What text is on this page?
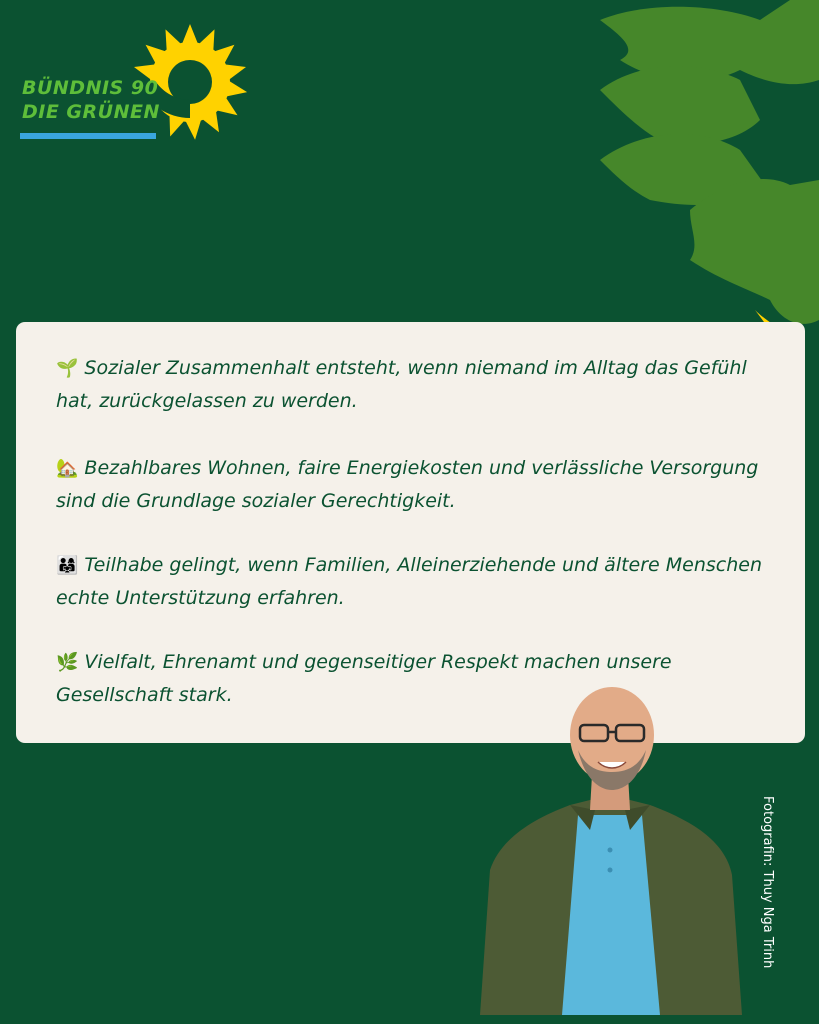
BÜNDNIS 90
DIE GRÜNEN

🌱 Sozialer Zusammenhalt entsteht, wenn niemand im Alltag das Gefühl hat, zurückgelassen zu werden.

🏡 Bezahlbares Wohnen, faire Energiekosten und verlässliche Versorgung sind die Grundlage sozialer Gerechtigkeit.

👨‍👩‍👧 Teilhabe gelingt, wenn Familien, Alleinerziehende und ältere Menschen echte Unterstützung erfahren.

🌿 Vielfalt, Ehrenamt und gegenseitiger Respekt machen unsere Gesellschaft stark.

Fotografin: Thuy Nga Trinh
